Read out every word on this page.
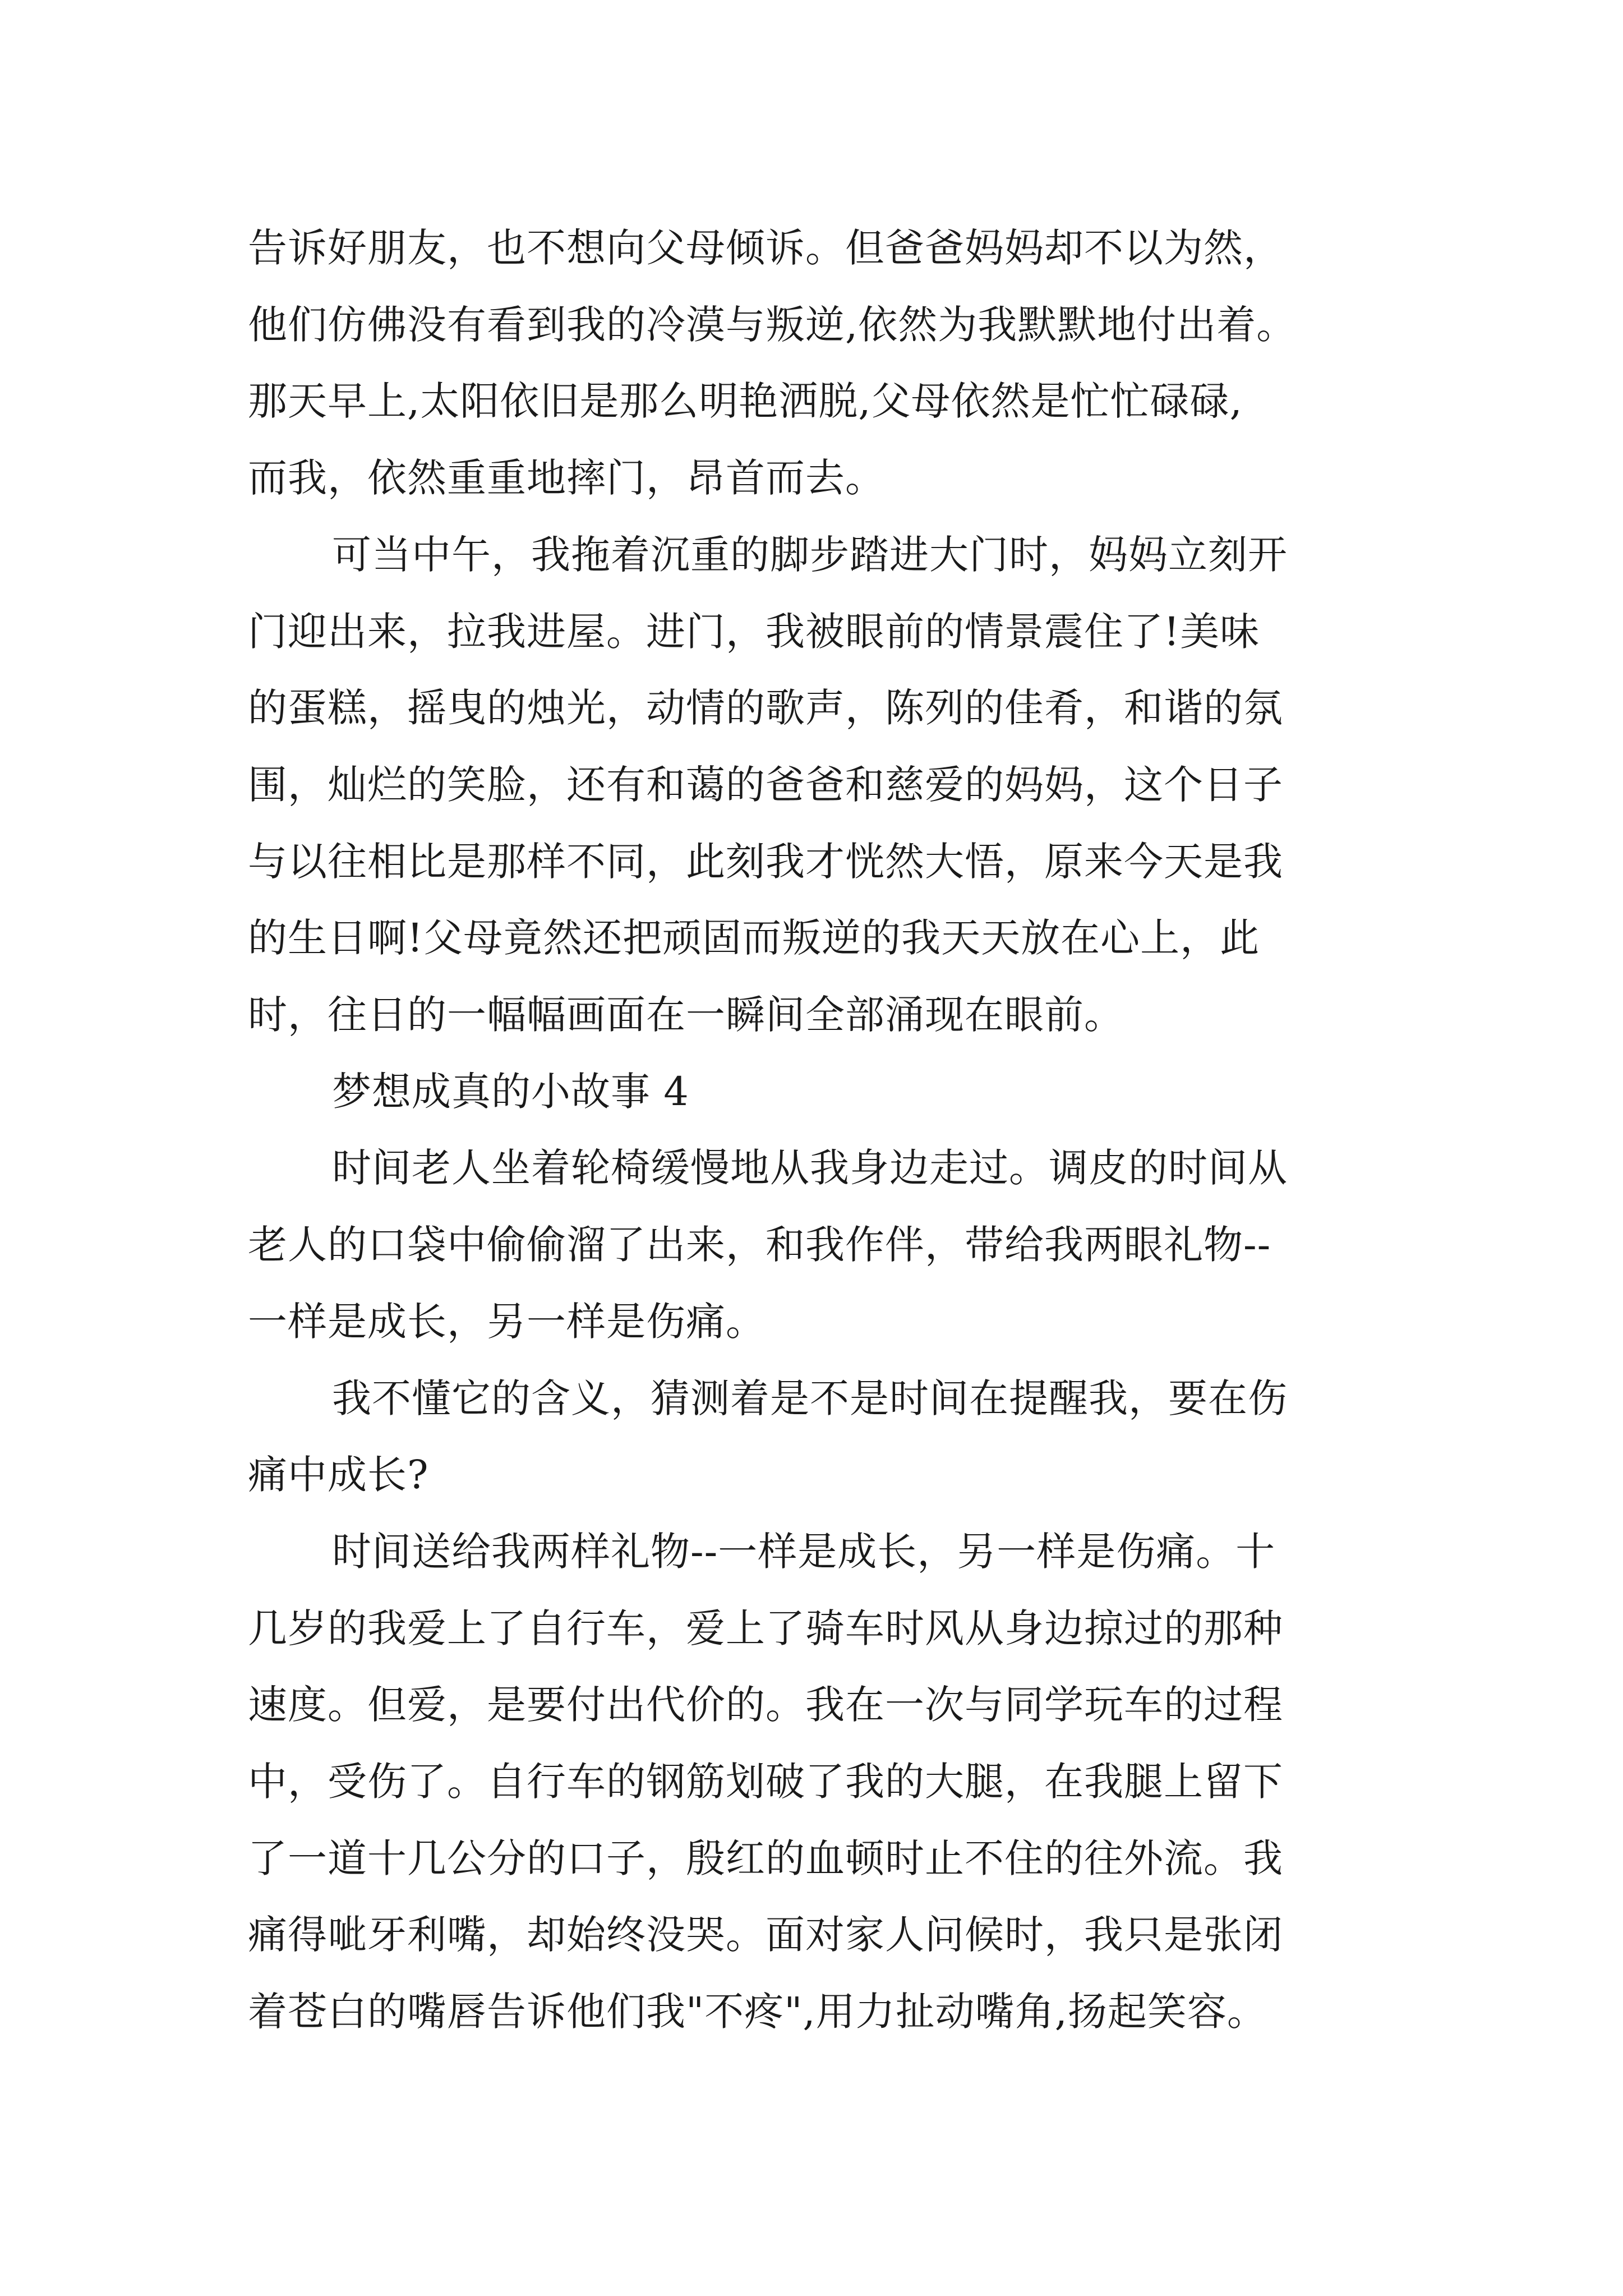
告诉好朋友，也不想向父母倾诉。但爸爸妈妈却不以为然，
他们仿佛没有看到我的冷漠与叛逆,依然为我默默地付出着。
那天早上,太阳依旧是那么明艳洒脱,父母依然是忙忙碌碌,
而我，依然重重地摔门，昂首而去。
可当中午，我拖着沉重的脚步踏进大门时，妈妈立刻开
门迎出来，拉我进屋。进门，我被眼前的情景震住了!美味
的蛋糕，摇曳的烛光，动情的歌声，陈列的佳肴，和谐的氛
围，灿烂的笑脸，还有和蔼的爸爸和慈爱的妈妈，这个日子
与以往相比是那样不同，此刻我才恍然大悟，原来今天是我
的生日啊!父母竟然还把顽固而叛逆的我天天放在心上，此
时，往日的一幅幅画面在一瞬间全部涌现在眼前。
梦想成真的小故事 4
时间老人坐着轮椅缓慢地从我身边走过。调皮的时间从
老人的口袋中偷偷溜了出来，和我作伴，带给我两眼礼物--
一样是成长，另一样是伤痛。
我不懂它的含义，猜测着是不是时间在提醒我，要在伤
痛中成长?
时间送给我两样礼物--一样是成长，另一样是伤痛。十
几岁的我爱上了自行车，爱上了骑车时风从身边掠过的那种
速度。但爱，是要付出代价的。我在一次与同学玩车的过程
中，受伤了。自行车的钢筋划破了我的大腿，在我腿上留下
了一道十几公分的口子，殷红的血顿时止不住的往外流。我
痛得呲牙利嘴，却始终没哭。面对家人问候时，我只是张闭
着苍白的嘴唇告诉他们我"不疼",用力扯动嘴角,扬起笑容。
